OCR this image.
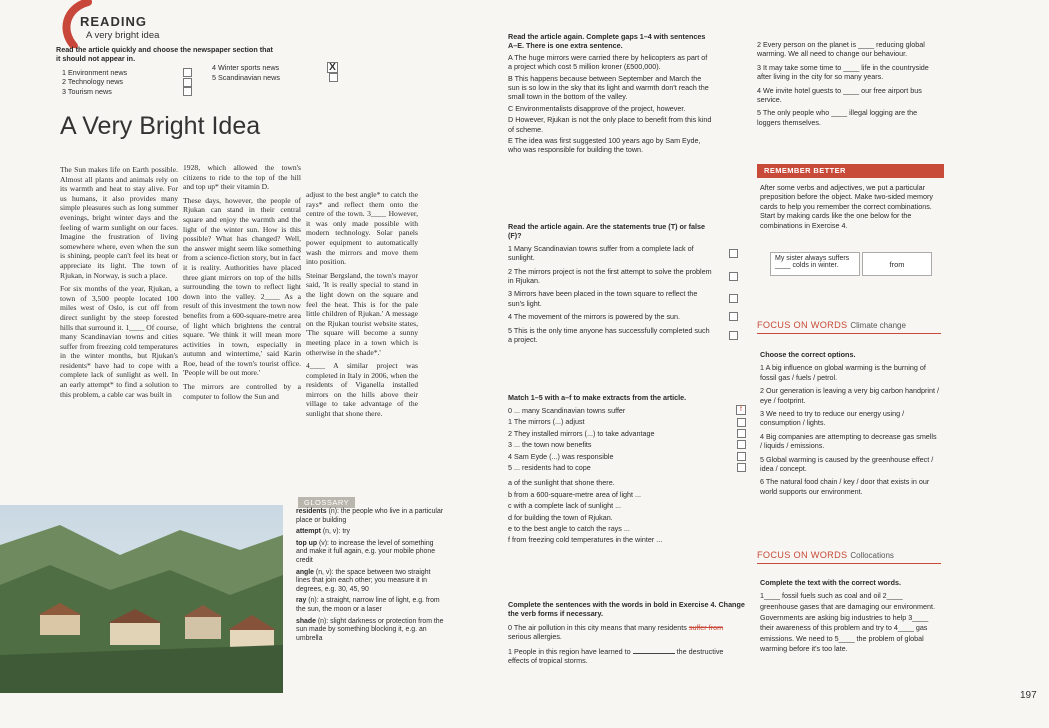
READING
A very bright idea
Read the article quickly and choose the newspaper section that it should not appear in.
1 Environment news
2 Technology news
3 Tourism news
4 Winter sports news	X
5 Scandinavian news
A Very Bright Idea

The Sun makes life on Earth possible. Almost all plants and animals rely on its warmth and heat to stay alive. For us humans, it also provides many simple pleasures such as long summer evenings, bright winter days and the feeling of warm sunlight on our faces. Imagine the frustration of living somewhere where, even when the sun is shining, people can't feel its heat or appreciate its light. The town of Rjukan, in Norway, is such a place.

For six months of the year, Rjukan, a town of 3,500 people located 100 miles west of Oslo, is cut off from direct sunlight by the steep forested hills that surround it. 1____ Of course, many Scandinavian towns and cities suffer from freezing cold temperatures in the winter months, but Rjukan's residents* have had to cope with a complete lack of sunlight as well. In an early attempt* to find a solution to this problem, a cable car was built in

1928, which allowed the town's citizens to ride to the top of the hill and top up* their vitamin D.

These days, however, the people of Rjukan can stand in their central square and enjoy the warmth and the light of the winter sun. How is this possible? What has changed? Well, the answer might seem like something from a science-fiction story, but in fact it is reality. Authorities have placed three giant mirrors on top of the hills surrounding the town to reflect light down into the valley. 2____ As a result of this investment the town now benefits from a 600-square-metre area of light which brightens the central square. 'We think it will mean more activities in town, especially in autumn and wintertime,' said Karin Roe, head of the town's tourist office. 'People will be out more.'

The mirrors are controlled by a computer to follow the Sun and

adjust to the best angle* to catch the rays* and reflect them onto the centre of the town. 3____ However, it was only made possible with modern technology. Solar panels power equipment to automatically wash the mirrors and move them into position.

Steinar Bergsland, the town's mayor said, 'It is really special to stand in the light down on the square and feel the heat. This is for the pale little children of Rjukan.' A message on the Rjukan tourist website states, 'The square will become a sunny meeting place in a town which is otherwise in the shade*.'

4____ A similar project was completed in Italy in 2006, when the residents of Viganella installed mirrors on the hills above their village to take advantage of the sunlight that shone there.

GLOSSARY
residents (n): the people who live in a particular place or building
attempt (n, v): try
top up (v): to increase the level of something and make it full again, e.g. your mobile phone credit
angle (n, v): the space between two straight lines that join each other; you measure it in degrees, e.g. 30, 45, 90
ray (n): a straight, narrow line of light, e.g. from the sun, the moon or a laser
shade (n): slight darkness or protection from the sun made by something blocking it, e.g. an umbrella
Read the article again. Complete gaps 1–4 with sentences A–E. There is one extra sentence.
A The huge mirrors were carried there by helicopters as part of a project which cost 5 million kroner (£500,000).
B This happens because between September and March the sun is so low in the sky that its light and warmth don't reach the small town in the bottom of the valley.
C Environmentalists disapprove of the project, however.
D However, Rjukan is not the only place to benefit from this kind of scheme.
E The idea was first suggested 100 years ago by Sam Eyde, who was responsible for building the town.
Read the article again. Are the statements true (T) or false (F)?
1 Many Scandinavian towns suffer from a complete lack of sunlight.
2 The mirrors project is not the first attempt to solve the problem in Rjukan.
3 Mirrors have been placed in the town square to reflect the sun's light.
4 The movement of the mirrors is powered by the sun.
5 This is the only time anyone has successfully completed such a project.
Match 1–5 with a–f to make extracts from the article.
0 ... many Scandinavian towns suffer	f
1 The mirrors (...) adjust
2 They installed mirrors (...) to take advantage
3 ... the town now benefits
4 Sam Eyde (...) was responsible
5 ... residents had to cope
a of the sunlight that shone there.
b from a 600-square-metre area of light ...
c with a complete lack of sunlight ...
d for building the town of Rjukan.
e to the best angle to catch the rays ...
f from freezing cold temperatures in the winter ...
Complete the sentences with the words in bold in Exercise 4. Change the verb forms if necessary.
0 The air pollution in this city means that many residents suffer from serious allergies.
1 People in this region have learned to	the destructive effects of tropical storms.
2 Every person on the planet is ____ reducing global warming. We all need to change our behaviour.
3 It may take some time to ____ life in the countryside after living in the city for so many years.
4 We invite hotel guests to ____ our free airport bus service.
5 The only people who ____ illegal logging are the loggers themselves.
REMEMBER BETTER
After some verbs and adjectives, we put a particular preposition before the object. Make two-sided memory cards to help you remember the correct combinations. Start by making cards like the one below for the combinations in Exercise 4.
My sister always suffers ____ colds in winter.	from
FOCUS ON WORDS Climate change
Choose the correct options.
1 A big influence on global warming is the burning of fossil gas / fuels / petrol.
2 Our generation is leaving a very big carbon handprint / eye / footprint.
3 We need to try to reduce our energy using / consumption / lights.
4 Big companies are attempting to decrease gas smells / liquids / emissions.
5 Global warming is caused by the greenhouse effect / idea / concept.
6 The natural food chain / key / door that exists in our world supports our environment.
FOCUS ON WORDS Collocations
Complete the text with the correct words.
1____ fossil fuels such as coal and oil 2____ greenhouse gases that are damaging our environment. Governments are asking big industries to help 3____ their awareness of this problem and try to 4____ gas emissions. We need to 5____ the problem of global warming before it's too late.
197
